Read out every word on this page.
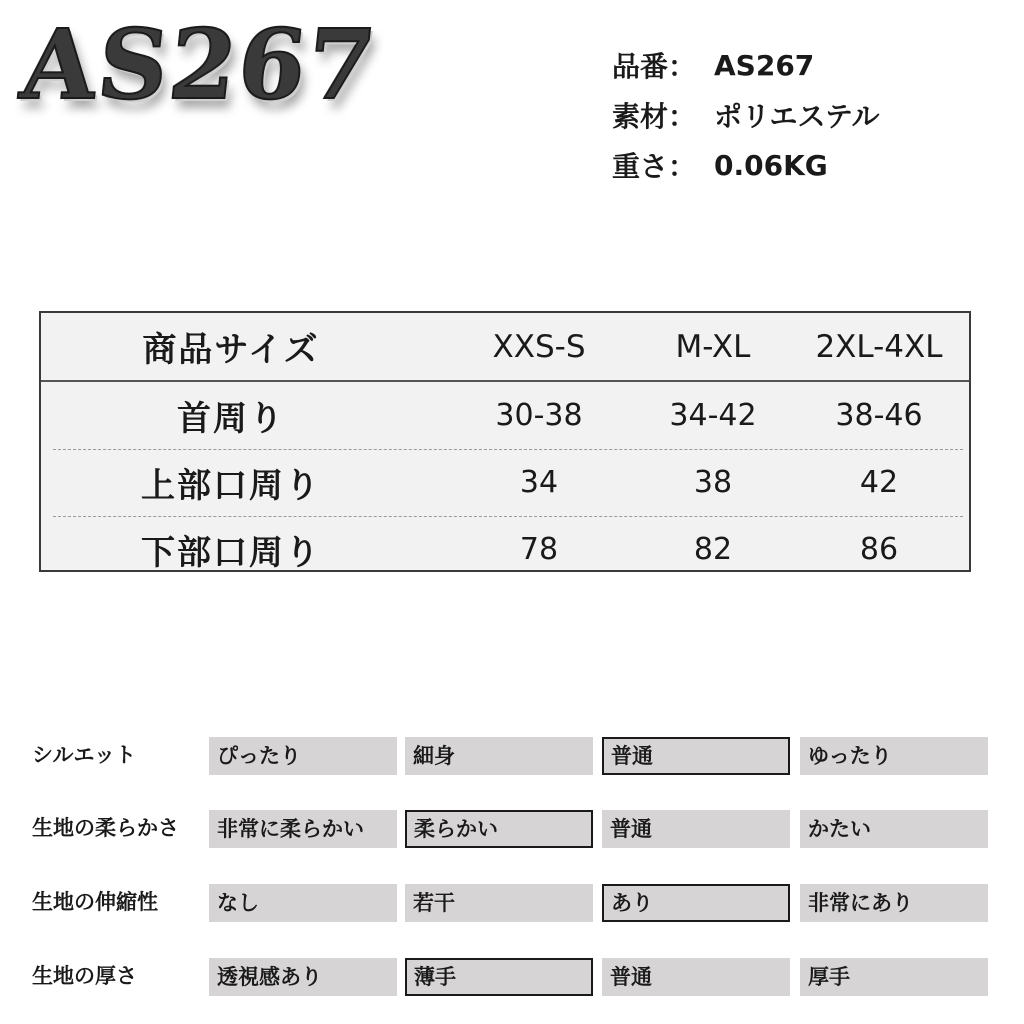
AS267	品番： AS267
素材： ポリエステル
重さ： 0.06KG
商品サイズ	XXS-S	M-XL	2XL-4XL
首周り	30-38	34-42	38-46
上部口周り	34	38	42
下部口周り	78	82	86
シルエット	ぴったり	細身	普通	ゆったり
生地の柔らかさ	非常に柔らかい	柔らかい	普通	かたい
生地の伸縮性	なし	若干	あり	非常にあり
生地の厚さ	透視感あり	薄手	普通	厚手
